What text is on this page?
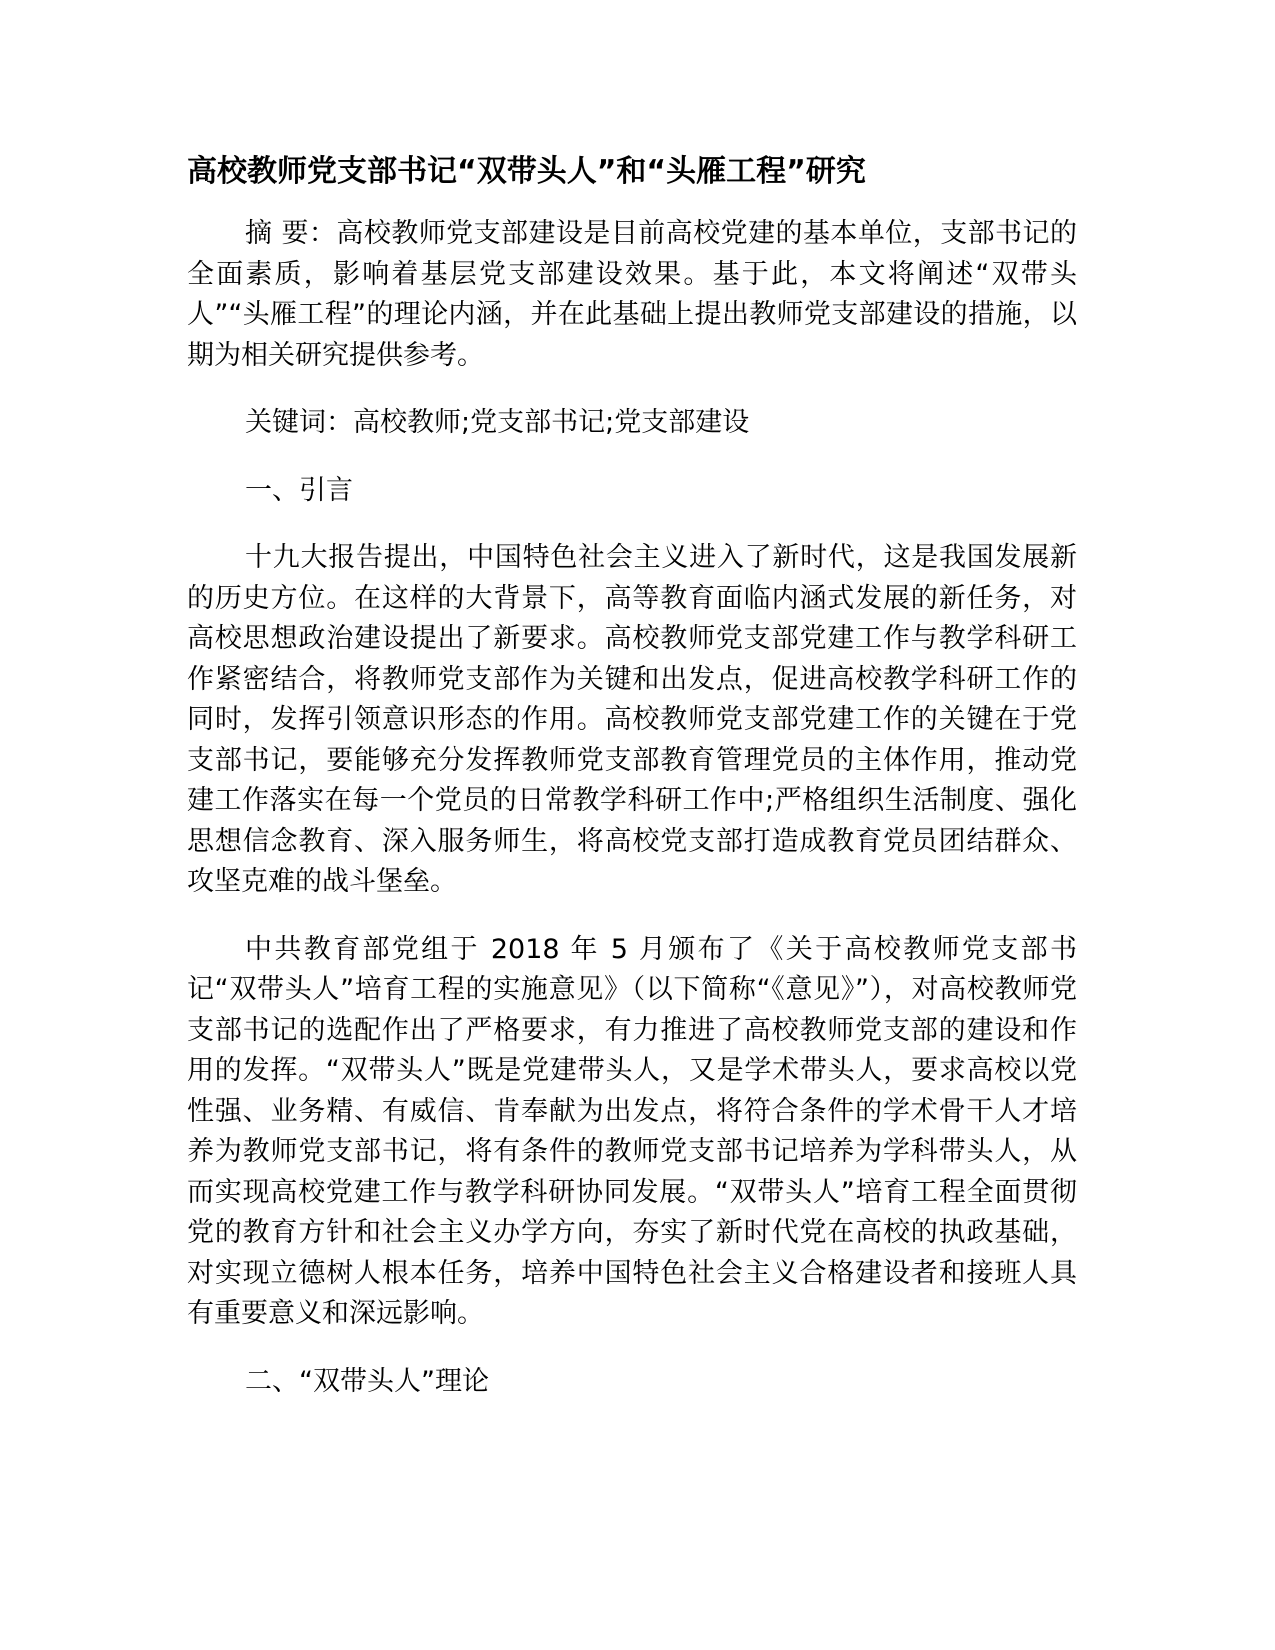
高校教师党支部书记“双带头人”和“头雁工程”研究

摘 要：高校教师党支部建设是目前高校党建的基本单位，支部书记的全面素质，影响着基层党支部建设效果。基于此，本文将阐述“双带头人”“头雁工程”的理论内涵，并在此基础上提出教师党支部建设的措施，以期为相关研究提供参考。

关键词：高校教师;党支部书记;党支部建设

一、引言

十九大报告提出，中国特色社会主义进入了新时代，这是我国发展新的历史方位。在这样的大背景下，高等教育面临内涵式发展的新任务，对高校思想政治建设提出了新要求。高校教师党支部党建工作与教学科研工作紧密结合，将教师党支部作为关键和出发点，促进高校教学科研工作的同时，发挥引领意识形态的作用。高校教师党支部党建工作的关键在于党支部书记，要能够充分发挥教师党支部教育管理党员的主体作用，推动党建工作落实在每一个党员的日常教学科研工作中;严格组织生活制度、强化思想信念教育、深入服务师生，将高校党支部打造成教育党员团结群众、攻坚克难的战斗堡垒。

中共教育部党组于 2018 年 5 月颁布了《关于高校教师党支部书记“双带头人”培育工程的实施意见》（以下简称“《意见》”），对高校教师党支部书记的选配作出了严格要求，有力推进了高校教师党支部的建设和作用的发挥。“双带头人”既是党建带头人，又是学术带头人，要求高校以党性强、业务精、有威信、肯奉献为出发点，将符合条件的学术骨干人才培养为教师党支部书记，将有条件的教师党支部书记培养为学科带头人，从而实现高校党建工作与教学科研协同发展。“双带头人”培育工程全面贯彻党的教育方针和社会主义办学方向，夯实了新时代党在高校的执政基础，对实现立德树人根本任务，培养中国特色社会主义合格建设者和接班人具有重要意义和深远影响。

二、“双带头人”理论
